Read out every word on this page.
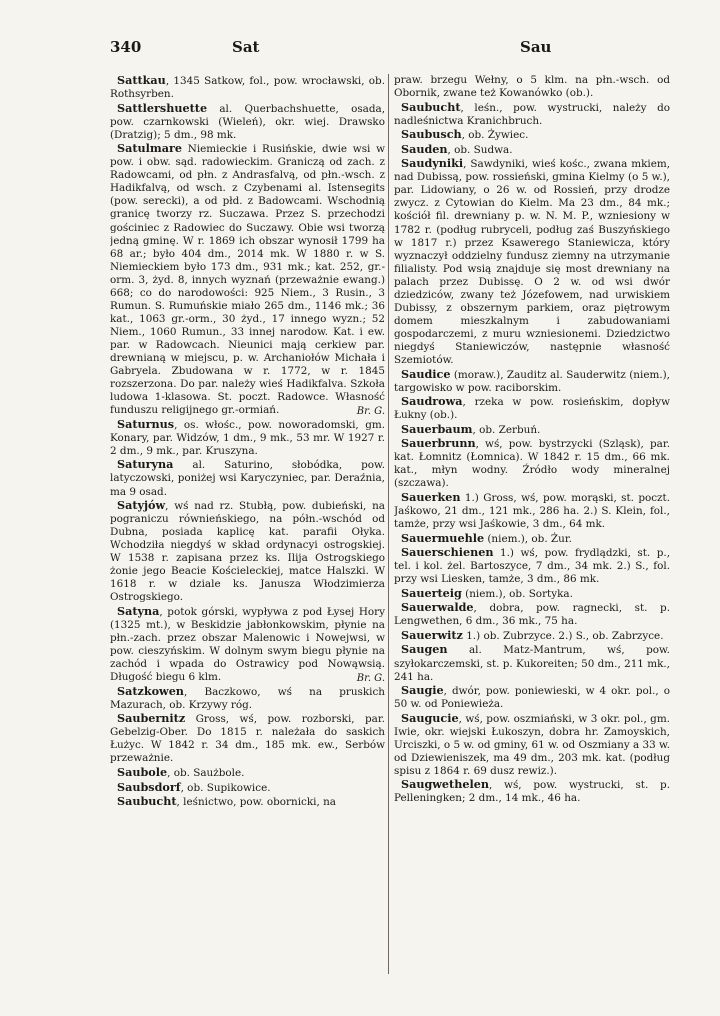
340	Sat	Sau

Sattkau, 1345 Satkow, fol., pow. wrocławski, ob. Rothsyrben.

Sattlershuette al. Querbachshuette, osada, pow. czarnkowski (Wieleń), okr. wiej. Drawsko (Dratzig); 5 dm., 98 mk.

Satulmare Niemieckie i Rusińskie, dwie wsi w pow. i obw. sąd. radowieckim. Graniczą od zach. z Radowcami, od płn. z Andrasfalvą, od płn.-wsch. z Hadikfalvą, od wsch. z Czybenami al. Istensegits (pow. serecki), a od płd. z Badowcami. Wschodnią granicę tworzy rz. Suczawa. Przez S. przechodzi gościniec z Radowiec do Suczawy. Obie wsi tworzą jedną gminę. W r. 1869 ich obszar wynosił 1799 ha 68 ar.; było 404 dm., 2014 mk. W 1880 r. w S. Niemieckiem było 173 dm., 931 mk.; kat. 252, gr.-orm. 3, żyd. 8, innych wyznań (przeważnie ewang.) 668; co do narodowości: 925 Niem., 3 Rusin., 3 Rumun. S. Rumuńskie miało 265 dm., 1146 mk.; 36 kat., 1063 gr.-orm., 30 żyd., 17 innego wyzn.; 52 Niem., 1060 Rumun., 33 innej narodow. Kat. i ew. par. w Radowcach. Nieunici mają cerkiew par. drewnianą w miejscu, p. w. Archaniołów Michała i Gabryela. Zbudowana w r. 1772, w r. 1845 rozszerzona. Do par. należy wieś Hadikfalva. Szkoła ludowa 1-klasowa. St. poczt. Radowce. Własność funduszu religijnego gr.-ormiań.	Br. G.

Saturnus, os. włośc., pow. noworadomski, gm. Konary, par. Widzów, 1 dm., 9 mk., 53 mr. W 1927 r. 2 dm., 9 mk., par. Kruszyna.

Saturyna al. Saturino, słobódka, pow. latyczowski, poniżej wsi Karyczyniec, par. Deraźnia, ma 9 osad.

Satyjów, wś nad rz. Stubłą, pow. dubieński, na pograniczu równieńskiego, na półn.-wschód od Dubna, posiada kaplicę kat. parafii Ołyka. Wchodziła niegdyś w skład ordynacyi ostrogskiej. W 1538 r. zapisana przez ks. Ilija Ostrogskiego żonie jego Beacie Kościeleckiej, matce Halszki. W 1618 r. w dziale ks. Janusza Włodzimierza Ostrogskiego.

Satyna, potok górski, wypływa z pod Łysej Hory (1325 mt.), w Beskidzie jabłonkowskim, płynie na płn.-zach. przez obszar Malenowic i Nowejwsi, w pow. cieszyńskim. W dolnym swym biegu płynie na zachód i wpada do Ostrawicy pod Nowąwsią. Długość biegu 6 klm.	Br. G.

Satzkowen, Baczkowo, wś na pruskich Mazurach, ob. Krzywy róg.

Saubernitz Gross, wś, pow. rozborski, par. Gebelzig-Ober. Do 1815 r. należała do saskich Łużyc. W 1842 r. 34 dm., 185 mk. ew., Serbów przeważnie.

Saubole, ob. Saużbole.

Saubsdorf, ob. Supikowice.

Saubucht, leśnictwo, pow. obornicki, na

praw. brzegu Wełny, o 5 klm. na płn.-wsch. od Obornik, zwane też Kowanówko (ob.).

Saubucht, leśn., pow. wystrucki, należy do nadleśnictwa Kranichbruch.

Saubusch, ob. Żywiec.

Sauden, ob. Sudwa.

Saudyniki, Sawdyniki, wieś kośc., zwana mkiem, nad Dubissą, pow. rossieński, gmina Kielmy (o 5 w.), par. Lidowiany, o 26 w. od Rossień, przy drodze zwycz. z Cytowian do Kielm. Ma 23 dm., 84 mk.; kościół fil. drewniany p. w. N. M. P., wzniesiony w 1782 r. (podług rubryceli, podług zaś Buszyńskiego w 1817 r.) przez Ksawerego Staniewicza, który wyznaczył oddzielny fundusz ziemny na utrzymanie filialisty. Pod wsią znajduje się most drewniany na palach przez Dubissę. O 2 w. od wsi dwór dziedziców, zwany też Józefowem, nad urwiskiem Dubissy, z obszernym parkiem, oraz piętrowym domem mieszkalnym i zabudowaniami gospodarczemi, z muru wzniesionemi. Dziedzictwo niegdyś Staniewiczów, następnie własność Szemiotów.

Saudice (moraw.), Zauditz al. Sauderwitz (niem.), targowisko w pow. raciborskim.

Saudrowa, rzeka w pow. rosieńskim, dopływ Łukny (ob.).

Sauerbaum, ob. Zerbuń.

Sauerbrunn, wś, pow. bystrzycki (Szląsk), par. kat. Łomnitz (Łomnica). W 1842 r. 15 dm., 66 mk. kat., młyn wodny. Źródło wody mineralnej (szczawa).

Sauerken 1.) Gross, wś, pow. morąski, st. poczt. Jaśkowo, 21 dm., 121 mk., 286 ha. 2.) S. Klein, fol., tamże, przy wsi Jaśkowie, 3 dm., 64 mk.

Sauermuehle (niem.), ob. Żur.

Sauerschienen 1.) wś, pow. frydlądzki, st. p., tel. i kol. żel. Bartoszyce, 7 dm., 34 mk. 2.) S., fol. przy wsi Liesken, tamże, 3 dm., 86 mk.

Sauerteig (niem.), ob. Sortyka.

Sauerwalde, dobra, pow. ragnecki, st. p. Lengwethen, 6 dm., 36 mk., 75 ha.

Sauerwitz 1.) ob. Zubrzyce. 2.) S., ob. Zabrzyce.

Saugen al. Matz-Mantrum, wś, pow. szyłokarczemski, st. p. Kukoreiten; 50 dm., 211 mk., 241 ha.

Saugie, dwór, pow. poniewieski, w 4 okr. pol., o 50 w. od Poniewieża.

Saugucie, wś, pow. oszmiański, w 3 okr. pol., gm. Iwie, okr. wiejski Łukoszyn, dobra hr. Zamoyskich, Urciszki, o 5 w. od gminy, 61 w. od Oszmiany a 33 w. od Dziewieniszek, ma 49 dm., 203 mk. kat. (podług spisu z 1864 r. 69 dusz rewiz.).

Saugwethelen, wś, pow. wystrucki, st. p. Pelleningken; 2 dm., 14 mk., 46 ha.
